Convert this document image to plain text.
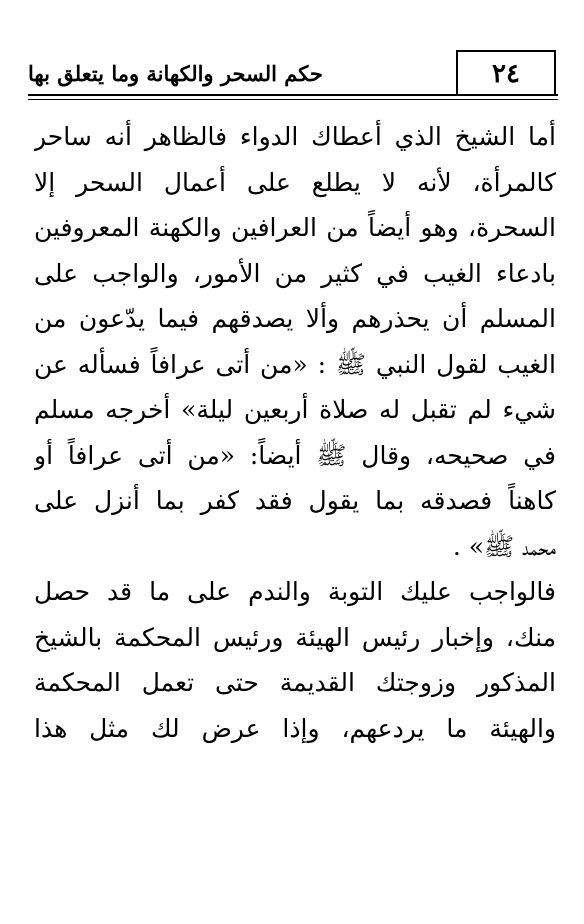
٢٤
حكم السحر والكهانة وما يتعلق بها
أما الشيخ الذي أعطاك الدواء فالظاهر أنه ساحر
كالمرأة، لأنه لا يطلع على أعمال السحر إلا
السحرة، وهو أيضاً من العرافين والكهنة المعروفين
بادعاء الغيب في كثير من الأمور، والواجب على
المسلم أن يحذرهم وألا يصدقهم فيما يدّعون من
الغيب لقول النبي ﷺ : «من أتى عرافاً فسأله عن
شيء لم تقبل له صلاة أربعين ليلة» أخرجه مسلم
في صحيحه، وقال ﷺ أيضاً: «من أتى عرافاً أو
كاهناً فصدقه بما يقول فقد كفر بما أنزل على
محمد ﷺ» .
فالواجب عليك التوبة والندم على ما قد حصل
منك، وإخبار رئيس الهيئة ورئيس المحكمة بالشيخ
المذكور وزوجتك القديمة حتى تعمل المحكمة
والهيئة ما يردعهم، وإذا عرض لك مثل هذا
